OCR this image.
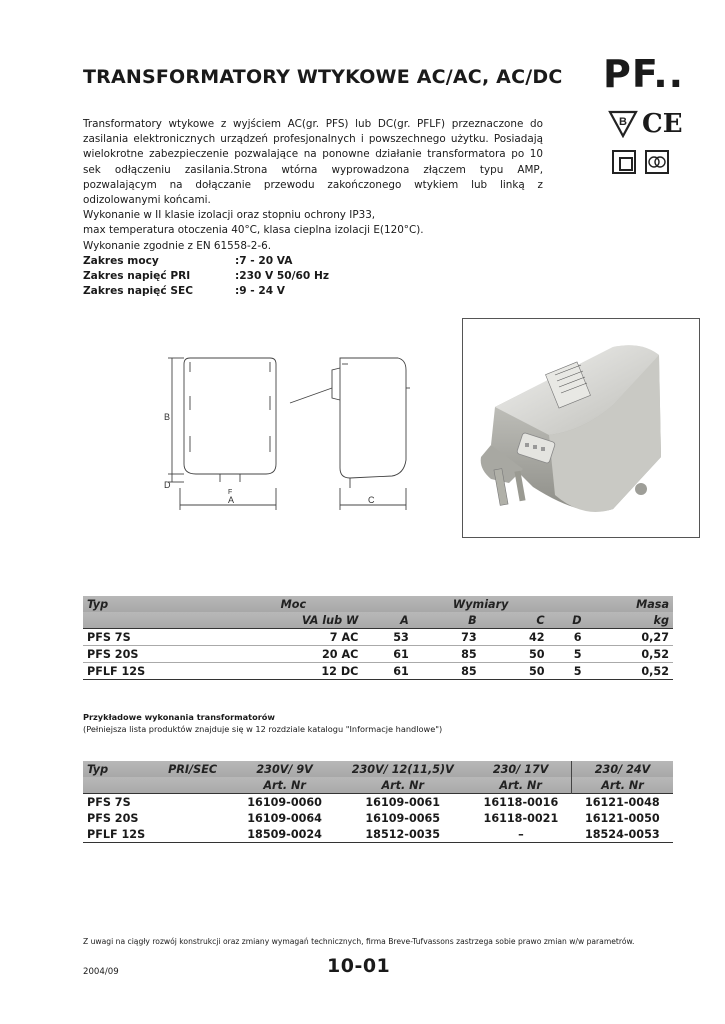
TRANSFORMATORY WTYKOWE AC/AC, AC/DC PF..
B CE

Transformatory wtykowe z wyjściem AC(gr. PFS) lub DC(gr. PFLF) przeznaczone do zasilania elektronicznych urządzeń profesjonalnych i powszechnego użytku. Posiadają wielokrotne zabezpieczenie pozwalające na ponowne działanie transformatora po 10 sek odłączeniu zasilania.Strona wtórna wyprowadzona złączem typu AMP, pozwalającym na dołączanie przewodu zakończonego wtykiem lub linką z odizolowanymi końcami.

Wykonanie w II klasie izolacji oraz stopniu ochrony IP33,

max temperatura otoczenia 40°C, klasa cieplna izolacji E(120°C).

Wykonanie zgodnie z EN 61558-2-6.

Zakres mocy	:7 - 20 VA
Zakres napięć PRI	:230 V 50/60 Hz
Zakres napięć SEC	:9 - 24 V
B
D
F
A	C
Typ	Moc		Wymiary			Masa
	VA lub W	A	B	C	D	kg
PFS 7S	7 AC	53	73	42	6	0,27
PFS 20S	20 AC	61	85	50	5	0,52
PFLF 12S	12 DC	61	85	50	5	0,52
Przykładowe wykonania transformatorów
(Pełniejsza lista produktów znajduje się w 12 rozdziale katalogu "Informacje handlowe")
Typ	PRI/SEC	230V/ 9V	230V/ 12(11,5)V	230/ 17V	230/ 24V
		Art. Nr	Art. Nr	Art. Nr	Art. Nr
PFS 7S		16109-0060	16109-0061	16118-0016	16121-0048
PFS 20S		16109-0064	16109-0065	16118-0021	16121-0050
PFLF 12S		18509-0024	18512-0035	–	18524-0053
Z uwagi na ciągły rozwój konstrukcji oraz zmiany wymagań technicznych, firma Breve-Tufvassons zastrzega sobie prawo zmian w/w parametrów.
2004/09	10-01
